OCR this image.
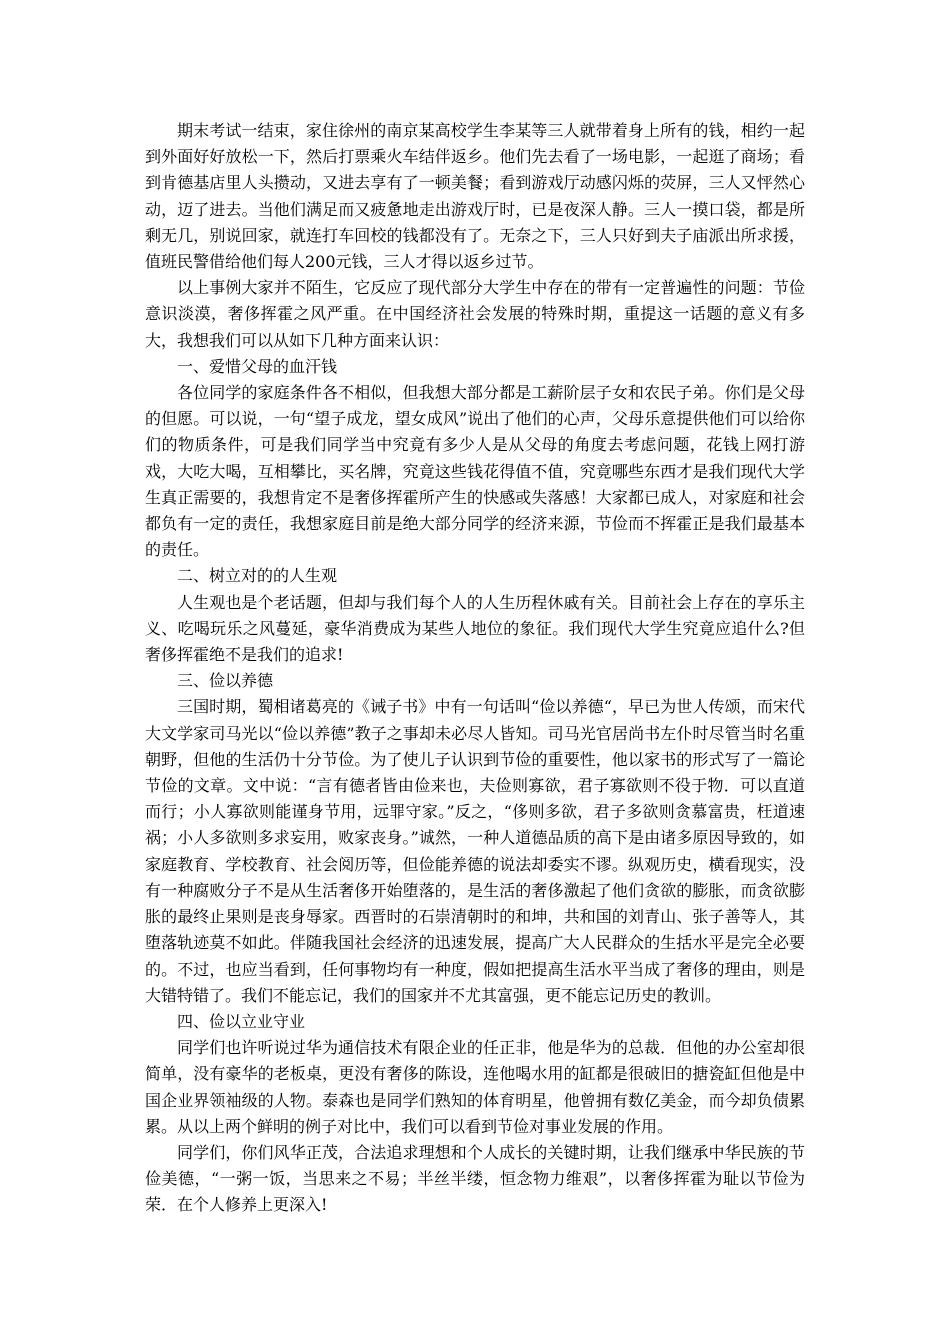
期末考试一结束，家住徐州的南京某高校学生李某等三人就带着身上所有的钱，相约一起到外面好好放松一下，然后打票乘火车结伴返乡。他们先去看了一场电影，一起逛了商场；看到肯德基店里人头攒动，又进去享有了一顿美餐；看到游戏厅动感闪烁的荧屏，三人又怦然心动，迈了进去。当他们满足而又疲惫地走出游戏厅时，已是夜深人静。三人一摸口袋，都是所剩无几，别说回家，就连打车回校的钱都没有了。无奈之下，三人只好到夫子庙派出所求援，值班民警借给他们每人200元钱，三人才得以返乡过节。

以上事例大家并不陌生，它反应了现代部分大学生中存在的带有一定普遍性的问题：节俭意识淡漠，奢侈挥霍之风严重。在中国经济社会发展的特殊时期，重提这一话题的意义有多大，我想我们可以从如下几种方面来认识：

一、爱惜父母的血汗钱

各位同学的家庭条件各不相似，但我想大部分都是工薪阶层子女和农民子弟。你们是父母的但愿。可以说，一句“望子成龙，望女成风”说出了他们的心声，父母乐意提供他们可以给你们的物质条件，可是我们同学当中究竟有多少人是从父母的角度去考虑问题，花钱上网打游戏，大吃大喝，互相攀比，买名牌，究竟这些钱花得值不值，究竟哪些东西才是我们现代大学生真正需要的，我想肯定不是奢侈挥霍所产生的快感或失落感！大家都已成人，对家庭和社会都负有一定的责任，我想家庭目前是绝大部分同学的经济来源，节俭而不挥霍正是我们最基本的责任。

二、树立对的的人生观

人生观也是个老话题，但却与我们每个人的人生历程休戚有关。目前社会上存在的享乐主义、吃喝玩乐之风蔓延，豪华消费成为某些人地位的象征。我们现代大学生究竟应追什么?但奢侈挥霍绝不是我们的追求!

三、俭以养德

三国时期，蜀相诸葛亮的《诫子书》中有一句话叫“俭以养德“，早已为世人传颂，而宋代大文学家司马光以“俭以养德”教子之事却未必尽人皆知。司马光官居尚书左仆时尽管当时名重朝野，但他的生活仍十分节俭。为了使儿子认识到节俭的重要性，他以家书的形式写了一篇论节俭的文章。文中说：“言有德者皆由俭来也，夫俭则寡欲，君子寡欲则不役于物．可以直道而行；小人寡欲则能谨身节用，远罪守家。”反之，“侈则多欲，君子多欲则贪慕富贵，枉道速祸；小人多欲则多求妄用，败家丧身。”诚然，一种人道德品质的高下是由诸多原因导致的，如家庭教育、学校教育、社会阅历等，但俭能养德的说法却委实不谬。纵观历史，横看现实，没有一种腐败分子不是从生活奢侈开始堕落的，是生活的奢侈激起了他们贪欲的膨胀，而贪欲膨胀的最终止果则是丧身辱家。西晋时的石崇清朝时的和坤，共和国的刘青山、张子善等人，其堕落轨迹莫不如此。伴随我国社会经济的迅速发展，提高广大人民群众的生括水平是完全必要的。不过，也应当看到，任何事物均有一种度，假如把提高生活水平当成了奢侈的理由，则是大错特错了。我们不能忘记，我们的国家并不尤其富强，更不能忘记历史的教训。

四、俭以立业守业

同学们也许听说过华为通信技术有限企业的任正非，他是华为的总裁．但他的办公室却很简单，没有豪华的老板桌，更没有奢侈的陈设，连他喝水用的缸都是很破旧的搪瓷缸但他是中国企业界领袖级的人物。泰森也是同学们熟知的体育明星，他曾拥有数亿美金，而今却负债累累。从以上两个鲜明的例子对比中，我们可以看到节俭对事业发展的作用。

同学们，你们风华正茂，合法追求理想和个人成长的关键时期，让我们继承中华民族的节俭美德，“一粥一饭，当思来之不易；半丝半缕，恒念物力维艰”，以奢侈挥霍为耻以节俭为荣．在个人修养上更深入!
